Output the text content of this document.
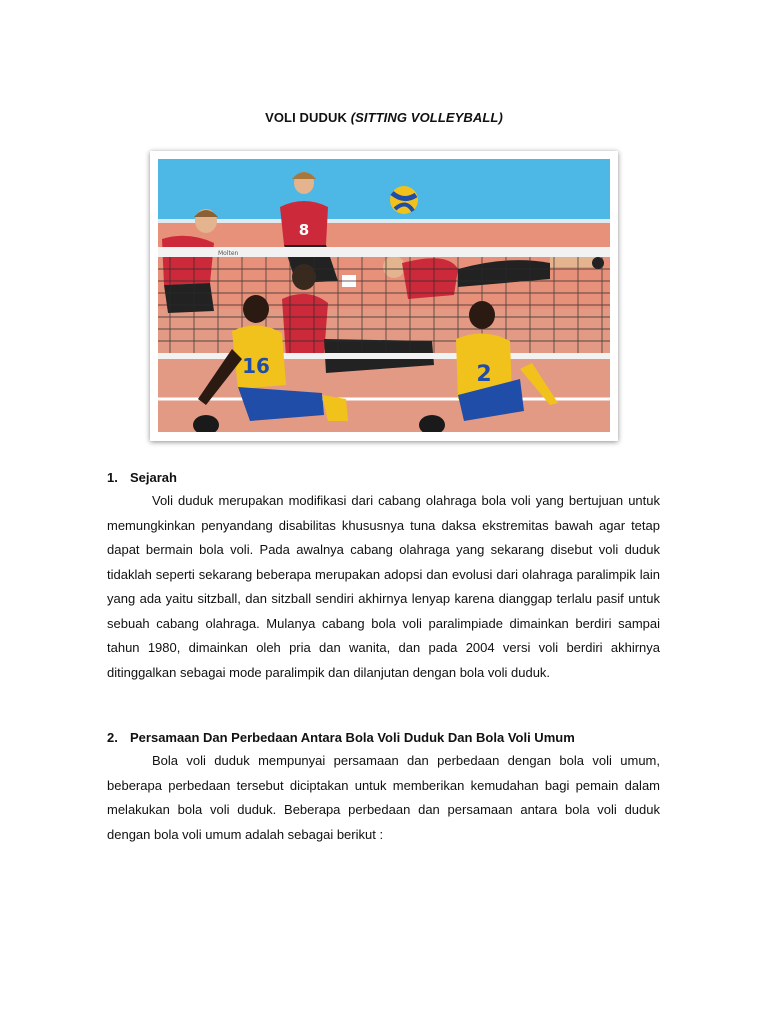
VOLI DUDUK (SITTING VOLLEYBALL)
8
Molten
16	2
1. Sejarah

Voli duduk merupakan modifikasi dari cabang olahraga bola voli yang bertujuan untuk memungkinkan penyandang disabilitas khususnya tuna daksa ekstremitas bawah agar tetap dapat bermain bola voli. Pada awalnya cabang olahraga yang sekarang disebut voli duduk tidaklah seperti sekarang beberapa merupakan adopsi dan evolusi dari olahraga paralimpik lain yang ada yaitu sitzball, dan sitzball sendiri akhirnya lenyap karena dianggap terlalu pasif untuk sebuah cabang olahraga. Mulanya cabang bola voli paralimpiade dimainkan berdiri sampai tahun 1980, dimainkan oleh pria dan wanita, dan pada 2004 versi voli berdiri akhirnya ditinggalkan sebagai mode paralimpik dan dilanjutan dengan bola voli duduk.

2. Persamaan Dan Perbedaan Antara Bola Voli Duduk Dan Bola Voli Umum

Bola voli duduk mempunyai persamaan dan perbedaan dengan bola voli umum, beberapa perbedaan tersebut diciptakan untuk memberikan kemudahan bagi pemain dalam melakukan bola voli duduk. Beberapa perbedaan dan persamaan antara bola voli duduk dengan bola voli umum adalah sebagai berikut :
